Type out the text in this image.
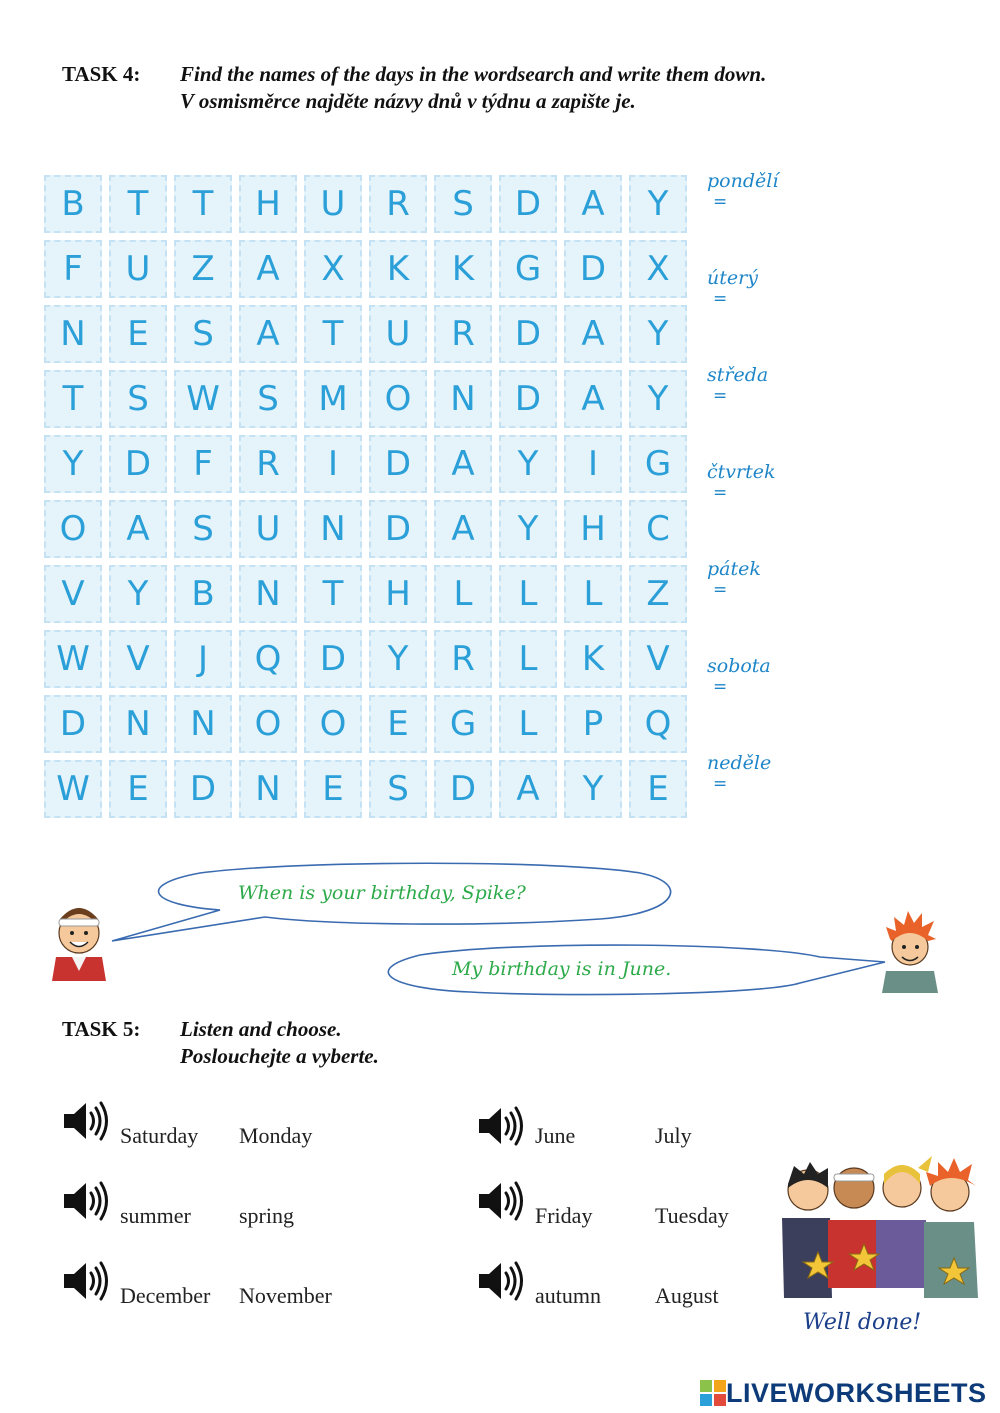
TASK 4: Find the names of the days in the wordsearch and write them down.
V osmisměrce najděte názvy dnů v týdnu a zapište je.
B	T	T	H	U	R	S	D	A	Y
F	U	Z	A	X	K	K	G	D	X
N	E	S	A	T	U	R	D	A	Y
T	S	W	S	M	O	N	D	A	Y
Y	D	F	R	I	D	A	Y	I	G
O	A	S	U	N	D	A	Y	H	C
V	Y	B	N	T	H	L	L	L	Z
W	V	J	Q	D	Y	R	L	K	V
D	N	N	O	O	E	G	L	P	Q
W	E	D	N	E	S	D	A	Y	E
pondělí
=
úterý
=
středa
=
čtvrtek
=
pátek
=
sobota
=
neděle
=
When is your birthday, Spike?
My birthday is in June.
TASK 5: Listen and choose.
Poslouchejte a vyberte.
Saturday Monday
summer spring
December November
June	July
Friday	Tuesday
autumn August
Well done!
LIVEWORKSHEETS
